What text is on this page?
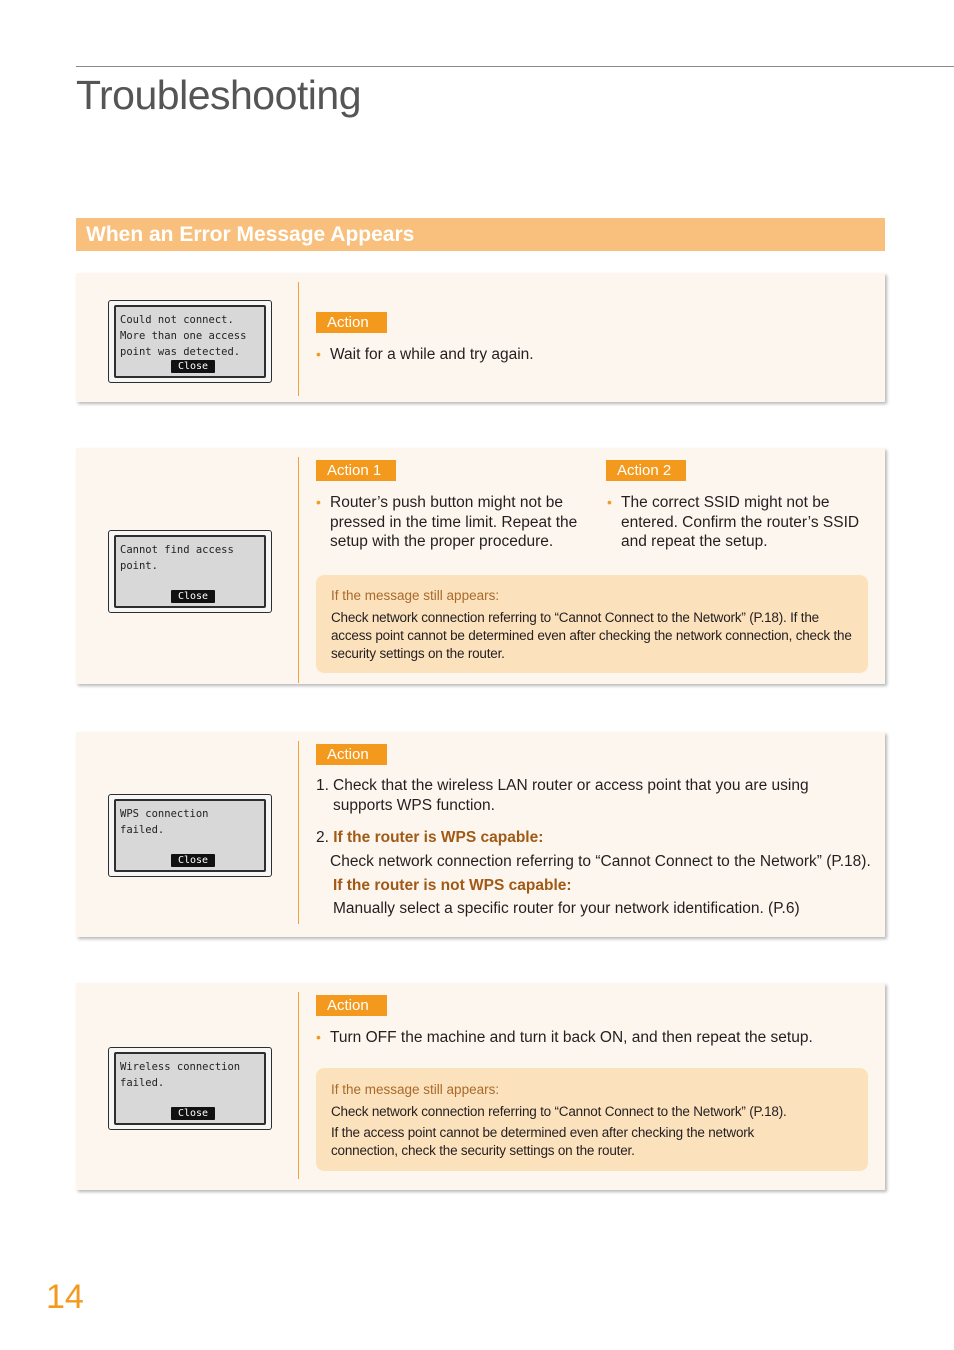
Troubleshooting
When an Error Message Appears
Could not connect.
More than one access
point was detected.
Close
Action
• Wait for a while and try again.
Cannot find access
point.
Close
Action 1
• Router’s push button might not be pressed in the time limit. Repeat the setup with the proper procedure.
Action 2
• The correct SSID might not be entered. Confirm the router’s SSID and repeat the setup.
If the message still appears:
Check network connection referring to “Cannot Connect to the Network” (P.18). If the access point cannot be determined even after checking the network connection, check the security settings on the router.
WPS connection
failed.
Close
Action
1. Check that the wireless LAN router or access point that you are using supports WPS function.
2. If the router is WPS capable:
Check network connection referring to “Cannot Connect to the Network” (P.18).
If the router is not WPS capable:
Manually select a specific router for your network identification. (P.6)
Wireless connection
failed.
Close
Action
• Turn OFF the machine and turn it back ON, and then repeat the setup.
If the message still appears:
Check network connection referring to “Cannot Connect to the Network” (P.18).
If the access point cannot be determined even after checking the network connection, check the security settings on the router.
14
